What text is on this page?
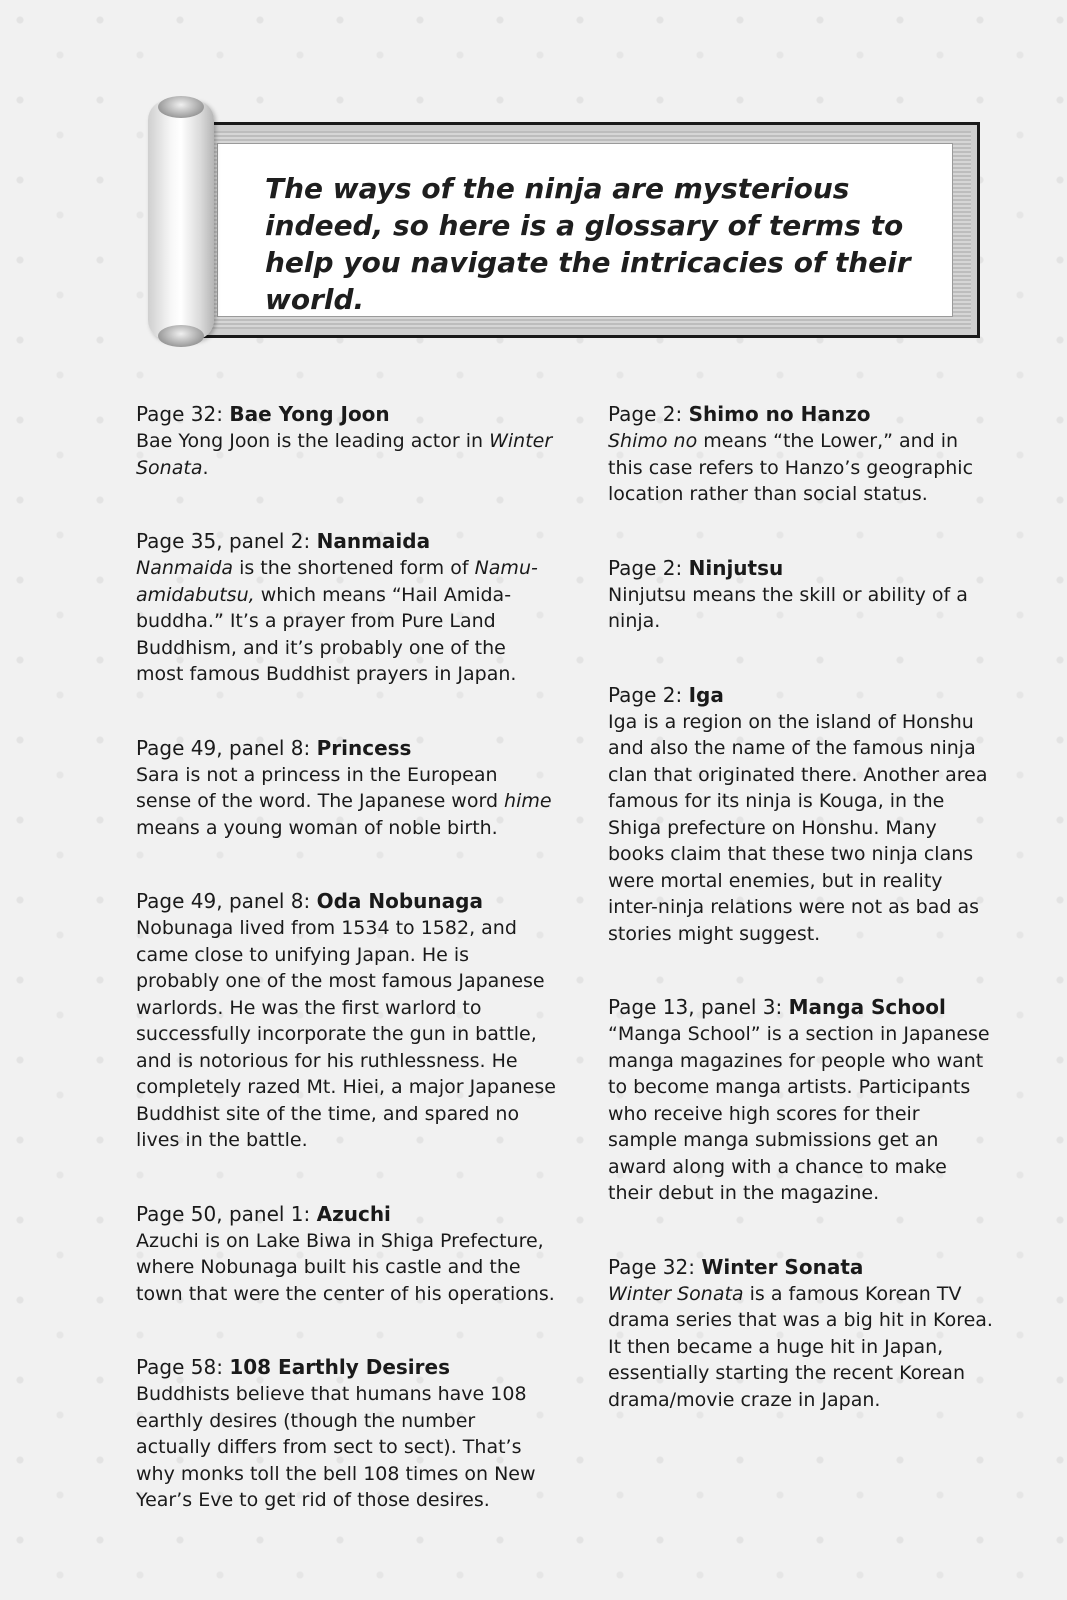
The ways of the ninja are mysterious indeed, so here is a glossary of terms to help you navigate the intricacies of their world.

Page 32: Bae Yong Joon

Bae Yong Joon is the leading actor in Winter Sonata.

Page 35, panel 2: Nanmaida

Nanmaida is the shortened form of Namu-amidabutsu, which means “Hail Amida-buddha.” It’s a prayer from Pure Land Buddhism, and it’s probably one of the most famous Buddhist prayers in Japan.

Page 49, panel 8: Princess

Sara is not a princess in the European sense of the word. The Japanese word hime means a young woman of noble birth.

Page 49, panel 8: Oda Nobunaga

Nobunaga lived from 1534 to 1582, and came close to unifying Japan. He is probably one of the most famous Japanese warlords. He was the first warlord to successfully incorporate the gun in battle, and is notorious for his ruthlessness. He completely razed Mt. Hiei, a major Japanese Buddhist site of the time, and spared no lives in the battle.

Page 50, panel 1: Azuchi

Azuchi is on Lake Biwa in Shiga Prefecture, where Nobunaga built his castle and the town that were the center of his operations.

Page 58: 108 Earthly Desires

Buddhists believe that humans have 108 earthly desires (though the number actually differs from sect to sect). That’s why monks toll the bell 108 times on New Year’s Eve to get rid of those desires.

Page 2: Shimo no Hanzo

Shimo no means “the Lower,” and in this case refers to Hanzo’s geographic location rather than social status.

Page 2: Ninjutsu

Ninjutsu means the skill or ability of a ninja.

Page 2: Iga

Iga is a region on the island of Honshu and also the name of the famous ninja clan that originated there. Another area famous for its ninja is Kouga, in the Shiga prefecture on Honshu. Many books claim that these two ninja clans were mortal enemies, but in reality inter-ninja relations were not as bad as stories might suggest.

Page 13, panel 3: Manga School

“Manga School” is a section in Japanese manga magazines for people who want to become manga artists. Participants who receive high scores for their sample manga submissions get an award along with a chance to make their debut in the magazine.

Page 32: Winter Sonata

Winter Sonata is a famous Korean TV drama series that was a big hit in Korea. It then became a huge hit in Japan, essentially starting the recent Korean drama/movie craze in Japan.
